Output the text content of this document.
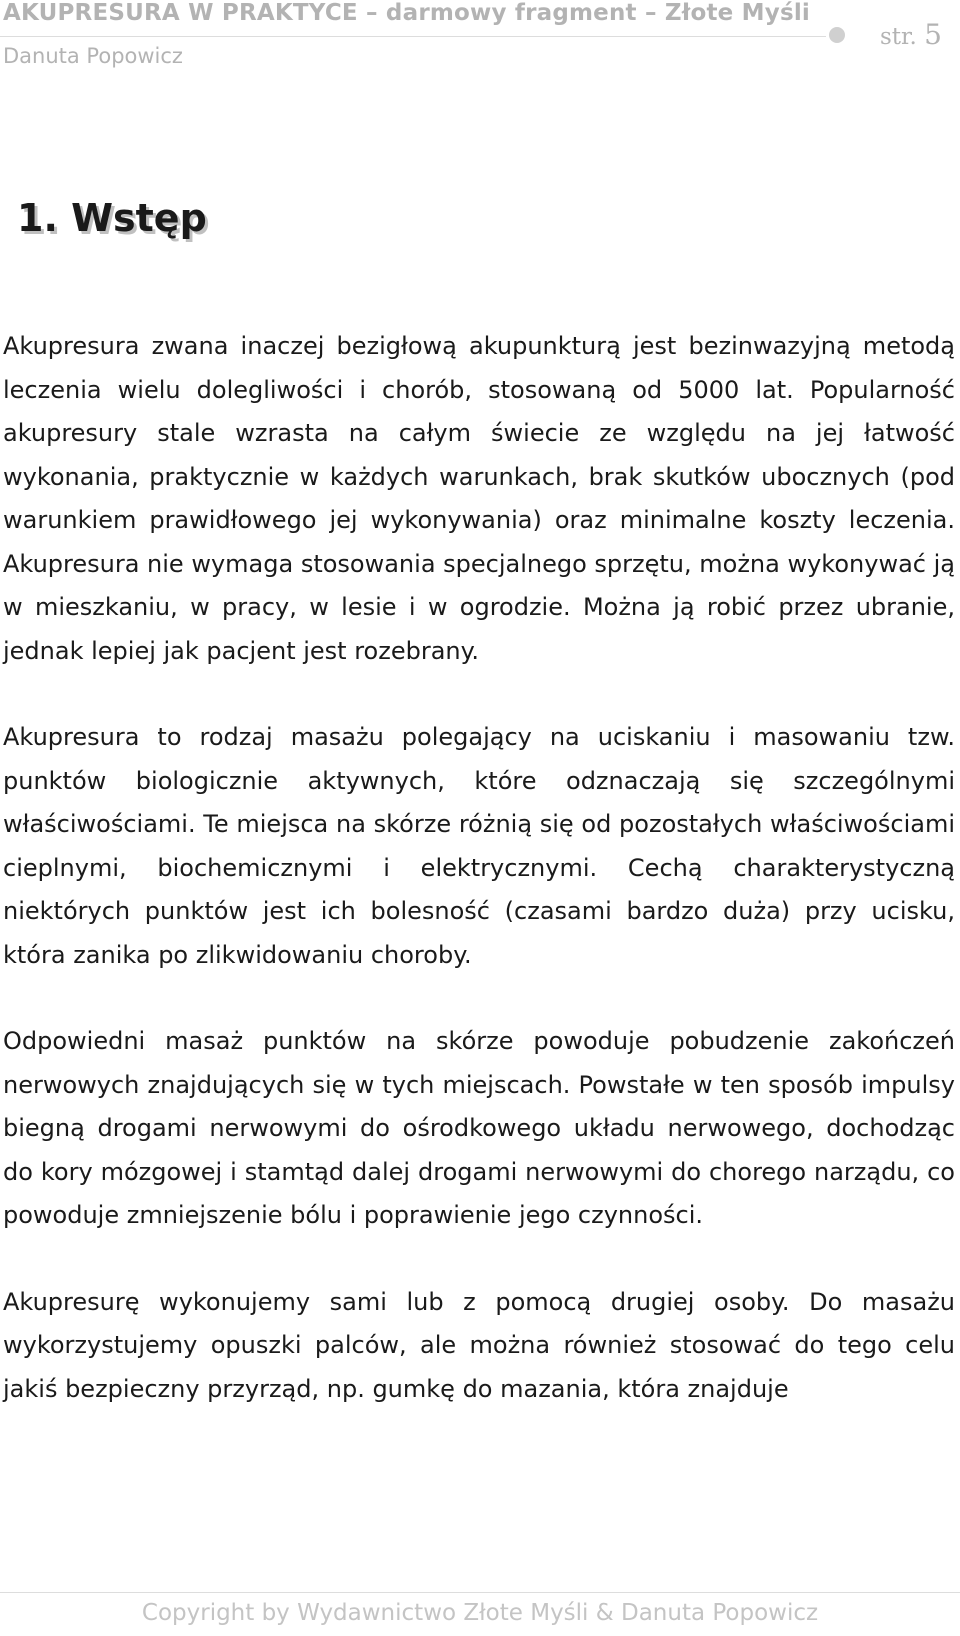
AKUPRESURA W PRAKTYCE – darmowy fragment – Złote Myśli
str. 5
Danuta Popowicz
1. Wstęp

Akupresura zwana inaczej bezigłową akupunkturą jest bezinwazyjną metodą leczenia wielu dolegliwości i chorób, stosowaną od 5000 lat. Popularność akupresury stale wzrasta na całym świecie ze względu na jej łatwość wykonania, praktycznie w każdych warunkach, brak skutków ubocznych (pod warunkiem prawidłowego jej wykonywania) oraz minimalne koszty leczenia. Akupresura nie wymaga stosowania specjalnego sprzętu, można wykonywać ją w mieszkaniu, w pracy, w lesie i w ogrodzie. Można ją robić przez ubranie, jednak lepiej jak pacjent jest rozebrany.

Akupresura to rodzaj masażu polegający na uciskaniu i masowaniu tzw. punktów biologicznie aktywnych, które odznaczają się szczególnymi właściwościami. Te miejsca na skórze różnią się od pozostałych właściwościami cieplnymi, biochemicznymi i elektrycznymi. Cechą charakterystyczną niektórych punktów jest ich bolesność (czasami bardzo duża) przy ucisku, która zanika po zlikwidowaniu choroby.

Odpowiedni masaż punktów na skórze powoduje pobudzenie zakończeń nerwowych znajdujących się w tych miejscach. Powstałe w ten sposób impulsy biegną drogami nerwowymi do ośrodkowego układu nerwowego, dochodząc do kory mózgowej i stamtąd dalej drogami nerwowymi do chorego narządu, co powoduje zmniejszenie bólu i poprawienie jego czynności.

Akupresurę wykonujemy sami lub z pomocą drugiej osoby. Do masażu wykorzystujemy opuszki palców, ale można również stosować do tego celu jakiś bezpieczny przyrząd, np. gumkę do mazania, która znajduje

Copyright by Wydawnictwo Złote Myśli & Danuta Popowicz
